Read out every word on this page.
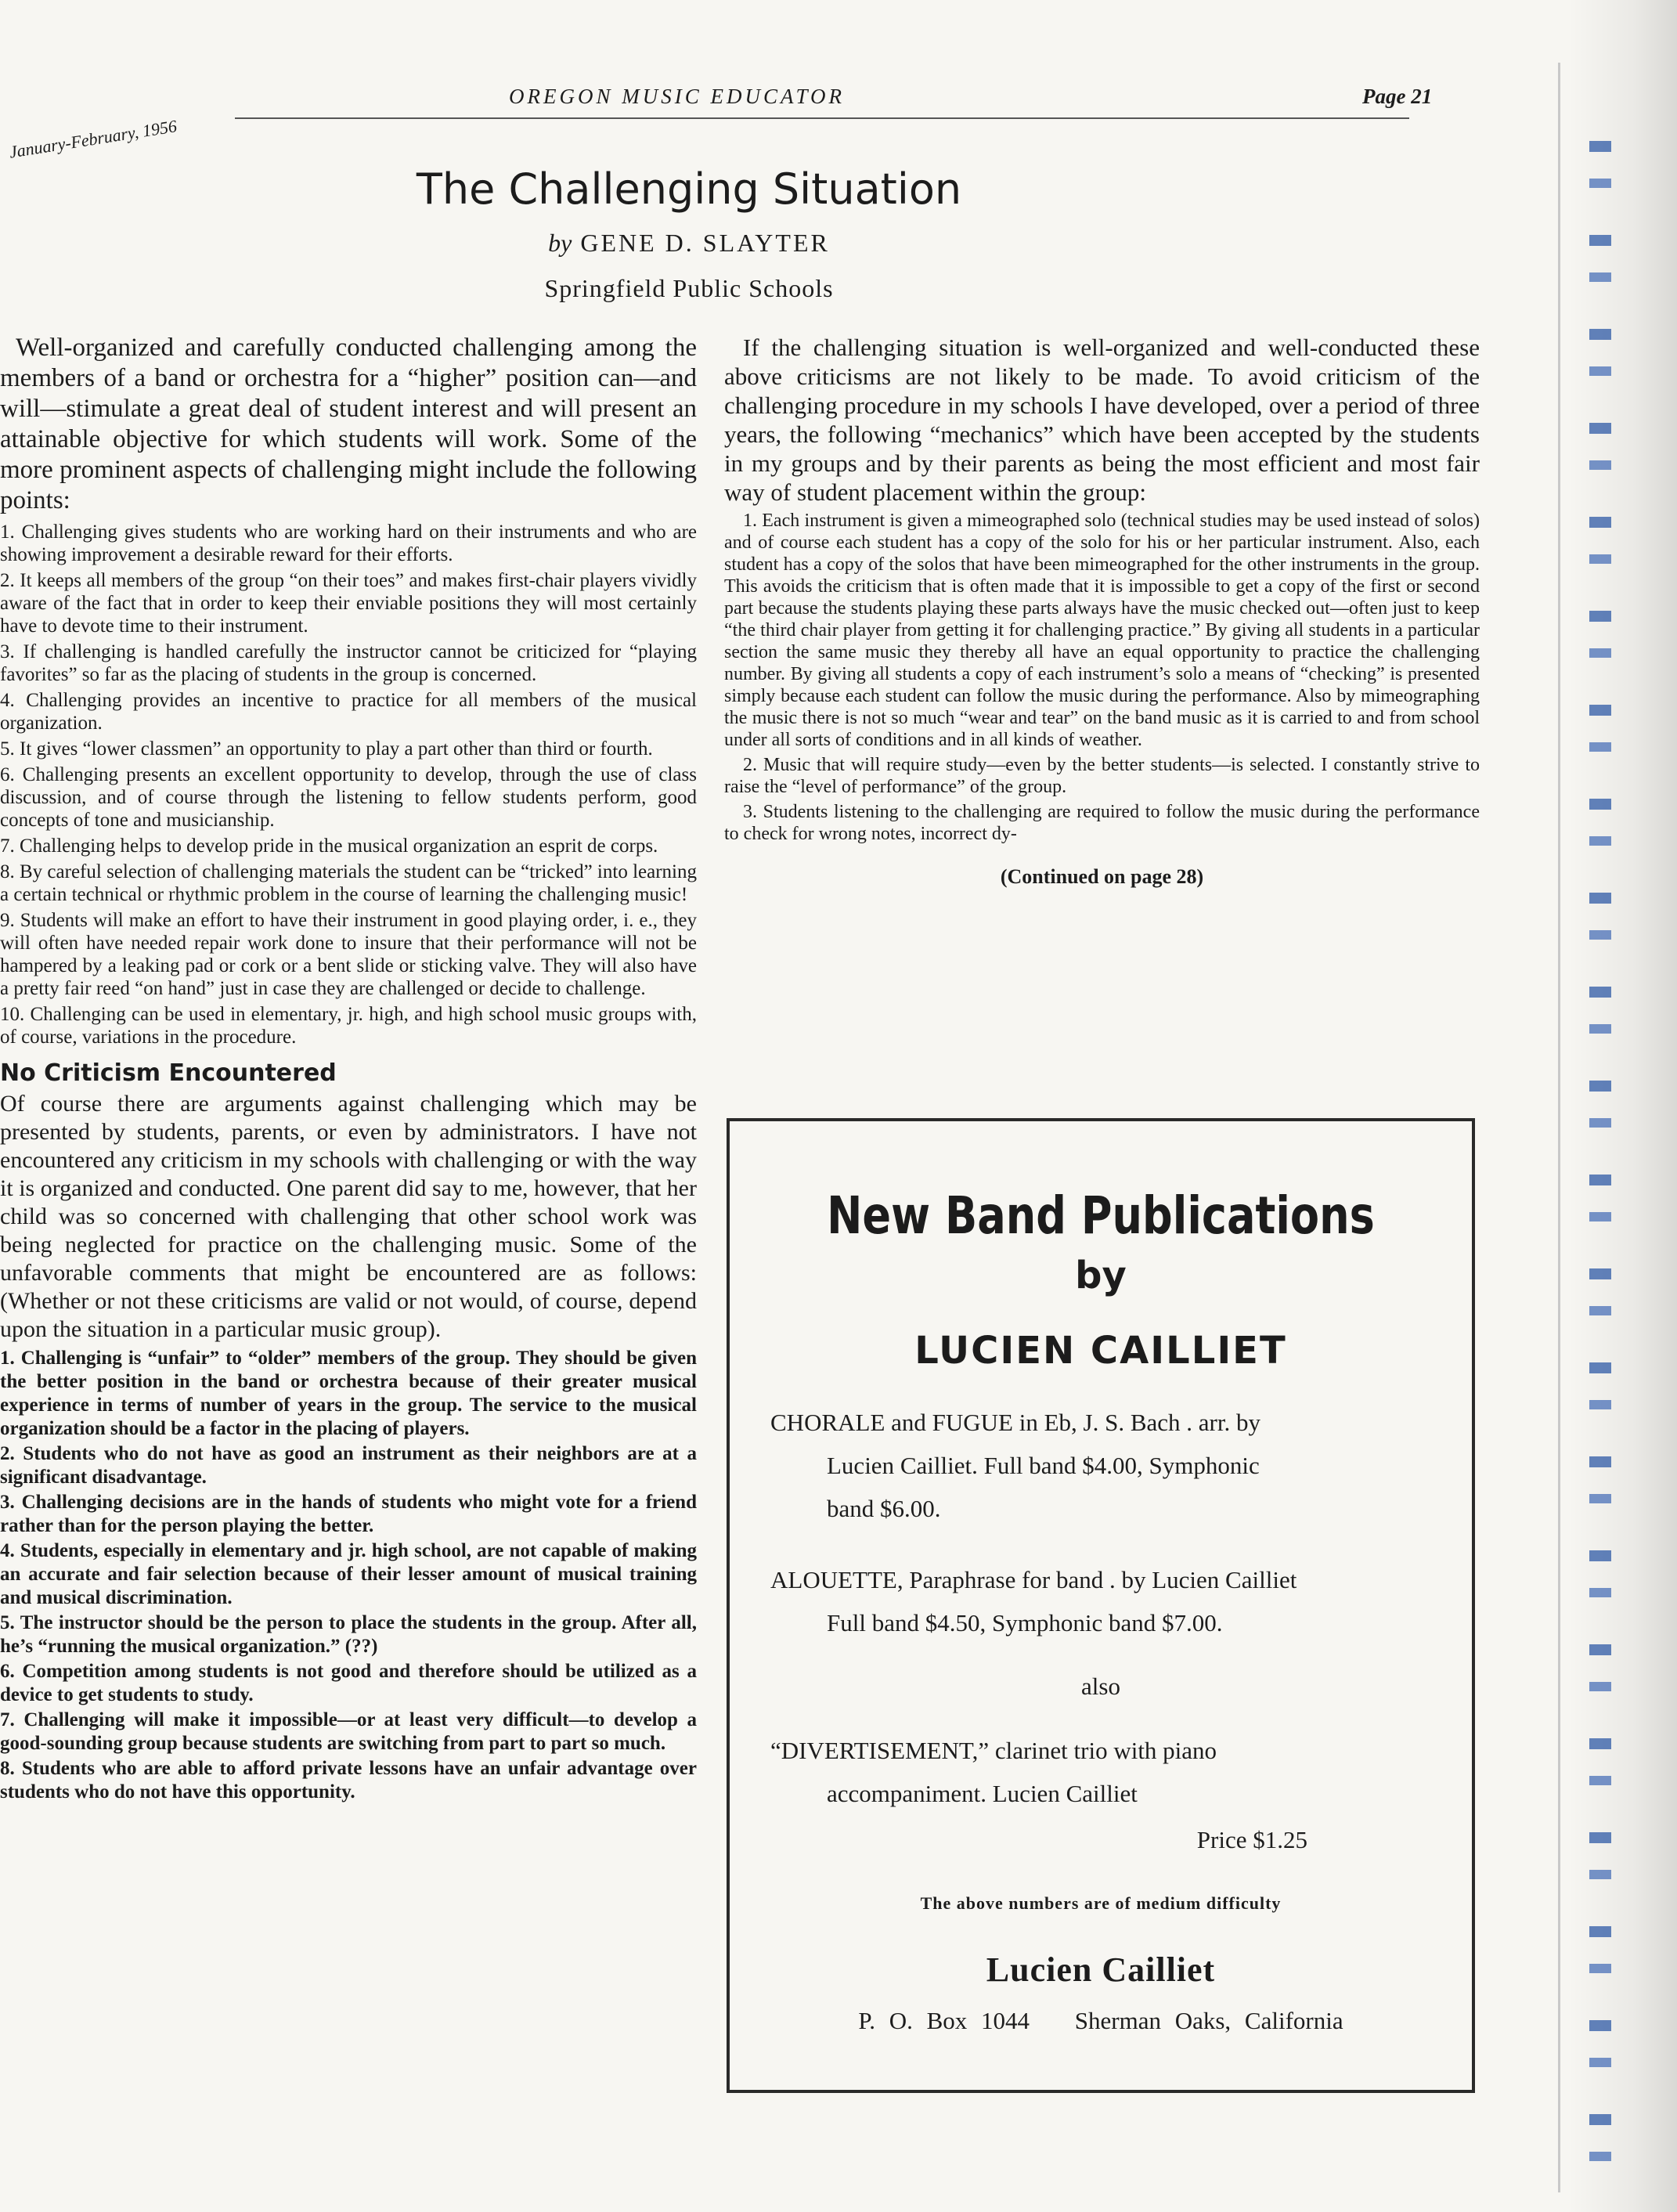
January-February, 1956
OREGON MUSIC EDUCATOR	Page 21
The Challenging Situation
by GENE D. SLAYTER
Springfield Public Schools

Well-organized and carefully conducted challenging among the members of a band or orchestra for a “higher” position can—and will—stimulate a great deal of student interest and will present an attainable objective for which students will work. Some of the more prominent aspects of challenging might include the following points:

1. Challenging gives students who are working hard on their instruments and who are showing improvement a desirable reward for their efforts.

2. It keeps all members of the group “on their toes” and makes first-chair players vividly aware of the fact that in order to keep their enviable positions they will most certainly have to devote time to their instrument.

3. If challenging is handled carefully the instructor cannot be criticized for “playing favorites” so far as the placing of students in the group is concerned.

4. Challenging provides an incentive to practice for all members of the musical organization.

5. It gives “lower classmen” an opportunity to play a part other than third or fourth.

6. Challenging presents an excellent opportunity to develop, through the use of class discussion, and of course through the listening to fellow students perform, good concepts of tone and musicianship.

7. Challenging helps to develop pride in the musical organization an esprit de corps.

8. By careful selection of challenging materials the student can be “tricked” into learning a certain technical or rhythmic problem in the course of learning the challenging music!

9. Students will make an effort to have their instrument in good playing order, i. e., they will often have needed repair work done to insure that their performance will not be hampered by a leaking pad or cork or a bent slide or sticking valve. They will also have a pretty fair reed “on hand” just in case they are challenged or decide to challenge.

10. Challenging can be used in elementary, jr. high, and high school music groups with, of course, variations in the procedure.

No Criticism Encountered

Of course there are arguments against challenging which may be presented by students, parents, or even by administrators. I have not encountered any criticism in my schools with challenging or with the way it is organized and conducted. One parent did say to me, however, that her child was so concerned with challenging that other school work was being neglected for practice on the challenging music. Some of the unfavorable comments that might be encountered are as follows: (Whether or not these criticisms are valid or not would, of course, depend upon the situation in a particular music group).

1. Challenging is “unfair” to “older” members of the group. They should be given the better position in the band or orchestra because of their greater musical experience in terms of number of years in the group. The service to the musical organization should be a factor in the placing of players.

2. Students who do not have as good an instrument as their neighbors are at a significant disadvantage.

3. Challenging decisions are in the hands of students who might vote for a friend rather than for the person playing the better.

4. Students, especially in elementary and jr. high school, are not capable of making an accurate and fair selection because of their lesser amount of musical training and musical discrimination.

5. The instructor should be the person to place the students in the group. After all, he’s “running the musical organization.” (??)

6. Competition among students is not good and therefore should be utilized as a device to get students to study.

7. Challenging will make it impossible—or at least very difficult—to develop a good-sounding group because students are switching from part to part so much.

8. Students who are able to afford private lessons have an unfair advantage over students who do not have this opportunity.

If the challenging situation is well-organized and well-conducted these above criticisms are not likely to be made. To avoid criticism of the challenging procedure in my schools I have developed, over a period of three years, the following “mechanics” which have been accepted by the students in my groups and by their parents as being the most efficient and most fair way of student placement within the group:

1. Each instrument is given a mimeographed solo (technical studies may be used instead of solos) and of course each student has a copy of the solo for his or her particular instrument. Also, each student has a copy of the solos that have been mimeographed for the other instruments in the group. This avoids the criticism that is often made that it is impossible to get a copy of the first or second part because the students playing these parts always have the music checked out—often just to keep “the third chair player from getting it for challenging practice.” By giving all students in a particular section the same music they thereby all have an equal opportunity to practice the challenging number. By giving all students a copy of each instrument’s solo a means of “checking” is presented simply because each student can follow the music during the performance. Also by mimeographing the music there is not so much “wear and tear” on the band music as it is carried to and from school under all sorts of conditions and in all kinds of weather.

2. Music that will require study—even by the better students—is selected. I constantly strive to raise the “level of performance” of the group.

3. Students listening to the challenging are required to follow the music during the performance to check for wrong notes, incorrect dy-

(Continued on page 28)
New Band Publications
by
LUCIEN CAILLIET
CHORALE and FUGUE in Eb, J. S. Bach . arr. by
Lucien Cailliet. Full band $4.00, Symphonic
band $6.00.
ALOUETTE, Paraphrase for band . by Lucien Cailliet
Full band $4.50, Symphonic band $7.00.
also
“DIVERTISEMENT,” clarinet trio with piano
accompaniment. Lucien Cailliet
Price $1.25
The above numbers are of medium difficulty
Lucien Cailliet
P. O. Box 1044 Sherman Oaks, California
